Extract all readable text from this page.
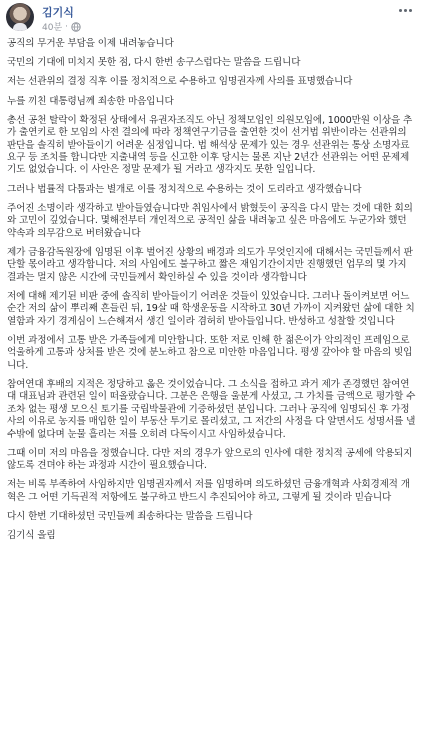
김기식
40분 ·

공직의 무거운 부담을 이제 내려놓습니다

국민의 기대에 미치지 못한 점, 다시 한번 송구스럽다는 말씀을 드립니다

저는 선관위의 결정 직후 이를 정치적으로 수용하고 임명권자께 사의를 표명했습니다

누를 끼친 대통령님께 죄송한 마음입니다

총선 공천 탈락이 확정된 상태에서 유권자조직도 아닌 정책모임인 의원모임에, 1000만원 이상을 추가 출연키로 한 모임의 사전 결의에 따라 정책연구기금을 출연한 것이 선거법 위반이라는 선관위의 판단을 솔직히 받아들이기 어려운 심정입니다. 법 해석상 문제가 있는 경우 선관위는 통상 소명자료 요구 등 조치를 합니다만 지출내역 등을 신고한 이후 당시는 물론 지난 2년간 선관위는 어떤 문제제기도 없었습니다. 이 사안은 정말 문제가 될 거라고 생각지도 못한 일입니다.

그러나 법률적 다툼과는 별개로 이를 정치적으로 수용하는 것이 도리라고 생각했습니다

주어진 소명이라 생각하고 받아들였습니다만 취임사에서 밝혔듯이 공직을 다시 맡는 것에 대한 회의와 고민이 깊었습니다. 몇해전부터 개인적으로 공적인 삶을 내려놓고 싶은 마음에도 누군가와 했던 약속과 의무감으로 버텨왔습니다

제가 금융감독원장에 임명된 이후 벌어진 상황의 배경과 의도가 무엇인지에 대해서는 국민들께서 판단할 몫이라고 생각합니다. 저의 사임에도 불구하고 짧은 재임기간이지만 진행했던 업무의 몇 가지 결과는 멀지 않은 시간에 국민들께서 확인하실 수 있을 것이라 생각합니다

저에 대해 제기된 비판 중에 솔직히 받아들이기 어려운 것들이 있었습니다. 그러나 돌이켜보면 어느 순간 저의 삶이 뿌리째 흔들린 뒤, 19살 때 학생운동을 시작하고 30년 가까이 지켜왔던 삶에 대한 치열함과 자기 경계심이 느슨해져서 생긴 일이라 겸허히 받아들입니다. 반성하고 성찰할 것입니다

이번 과정에서 고통 받은 가족들에게 미안합니다. 또한 저로 인해 한 젊은이가 악의적인 프레임으로 억울하게 고통과 상처를 받은 것에 분노하고 참으로 미안한 마음입니다. 평생 갚아야 할 마음의 빚입니다.

참여연대 후배의 지적은 정당하고 옳은 것이었습니다. 그 소식을 접하고 과거 제가 존경했던 참여연대 대표님과 관련된 일이 떠올랐습니다. 그분은 은행을 울분게 사셨고, 그 가치를 금액으로 평가할 수조차 없는 평생 모으신 토기를 국립박물관에 기증하셨던 분입니다. 그러나 공직에 임명되신 후 가정사의 이유로 농지를 매입한 일이 부동산 투기로 몰리셨고, 그 저간의 사정을 다 알면서도 성명서를 낼 수밖에 없다며 눈물 흘리는 저를 오히려 다독이시고 사임하셨습니다.

그때 이미 저의 마음을 정했습니다. 다만 저의 경우가 앞으로의 인사에 대한 정치적 공세에 악용되지 않도록 견뎌야 하는 과정과 시간이 필요했습니다.

저는 비록 부족하여 사임하지만 임명권자께서 저를 임명하며 의도하셨던 금융개혁과 사회경제적 개혁은 그 어떤 기득권적 저항에도 불구하고 반드시 추진되어야 하고, 그렇게 될 것이라 믿습니다

다시 한번 기대하셨던 국민들께 죄송하다는 말씀을 드립니다

김기식 올림
